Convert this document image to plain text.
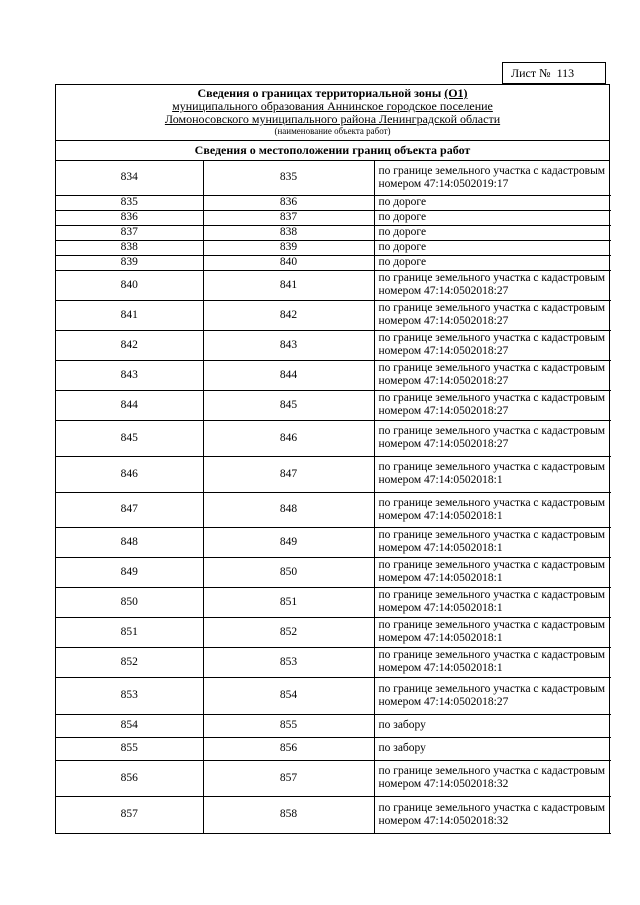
Лист № 113
Сведения о границах территориальной зоны (О1)
муниципального образования Аннинское городское поселение
Ломоносовского муниципального района Ленинградской области
(наименование объекта работ)
Сведения о местоположении границ объекта работ
834	835	по границе земельного участка с кадастровым номером 47:14:0502019:17
835	836	по дороге
836	837	по дороге
837	838	по дороге
838	839	по дороге
839	840	по дороге
840	841	по границе земельного участка с кадастровым номером 47:14:0502018:27
841	842	по границе земельного участка с кадастровым номером 47:14:0502018:27
842	843	по границе земельного участка с кадастровым номером 47:14:0502018:27
843	844	по границе земельного участка с кадастровым номером 47:14:0502018:27
844	845	по границе земельного участка с кадастровым номером 47:14:0502018:27
845	846	по границе земельного участка с кадастровым номером 47:14:0502018:27
846	847	по границе земельного участка с кадастровым номером 47:14:0502018:1
847	848	по границе земельного участка с кадастровым номером 47:14:0502018:1
848	849	по границе земельного участка с кадастровым номером 47:14:0502018:1
849	850	по границе земельного участка с кадастровым номером 47:14:0502018:1
850	851	по границе земельного участка с кадастровым номером 47:14:0502018:1
851	852	по границе земельного участка с кадастровым номером 47:14:0502018:1
852	853	по границе земельного участка с кадастровым номером 47:14:0502018:1
853	854	по границе земельного участка с кадастровым номером 47:14:0502018:27
854	855	по забору
855	856	по забору
856	857	по границе земельного участка с кадастровым номером 47:14:0502018:32
857	858	по границе земельного участка с кадастровым номером 47:14:0502018:32
